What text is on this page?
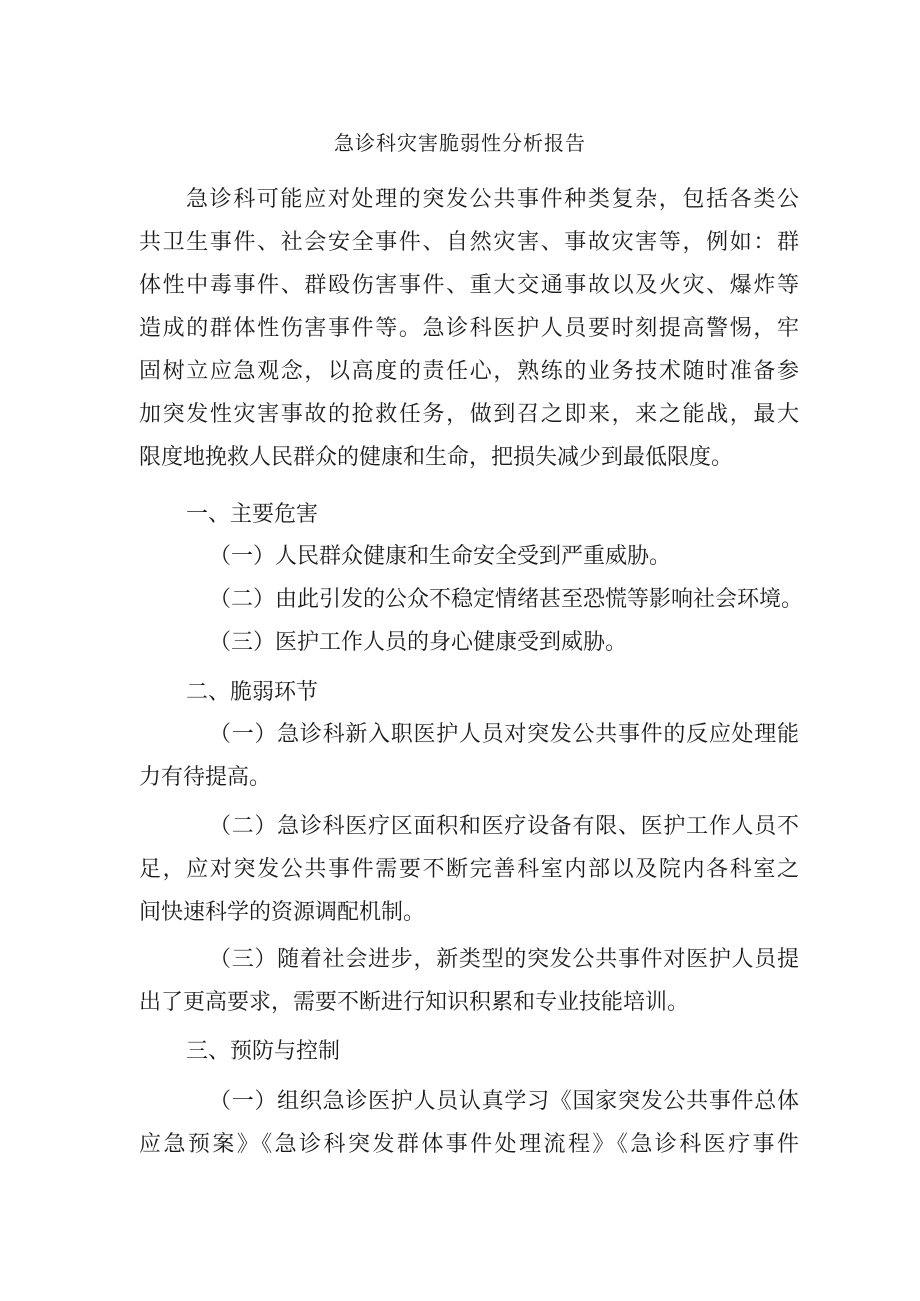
急诊科灾害脆弱性分析报告

急诊科可能应对处理的突发公共事件种类复杂，包括各类公

共卫生事件、社会安全事件、自然灾害、事故灾害等，例如：群

体性中毒事件、群殴伤害事件、重大交通事故以及火灾、爆炸等

造成的群体性伤害事件等。急诊科医护人员要时刻提高警惕，牢

固树立应急观念，以高度的责任心，熟练的业务技术随时准备参

加突发性灾害事故的抢救任务，做到召之即来，来之能战，最大

限度地挽救人民群众的健康和生命，把损失减少到最低限度。

一、主要危害

（一）人民群众健康和生命安全受到严重威胁。

（二）由此引发的公众不稳定情绪甚至恐慌等影响社会环境。

（三）医护工作人员的身心健康受到威胁。

二、脆弱环节

（一）急诊科新入职医护人员对突发公共事件的反应处理能

力有待提高。

（二）急诊科医疗区面积和医疗设备有限、医护工作人员不

足，应对突发公共事件需要不断完善科室内部以及院内各科室之

间快速科学的资源调配机制。

（三）随着社会进步，新类型的突发公共事件对医护人员提

出了更高要求，需要不断进行知识积累和专业技能培训。

三、预防与控制

（一）组织急诊医护人员认真学习《国家突发公共事件总体

应急预案》《急诊科突发群体事件处理流程》《急诊科医疗事件
